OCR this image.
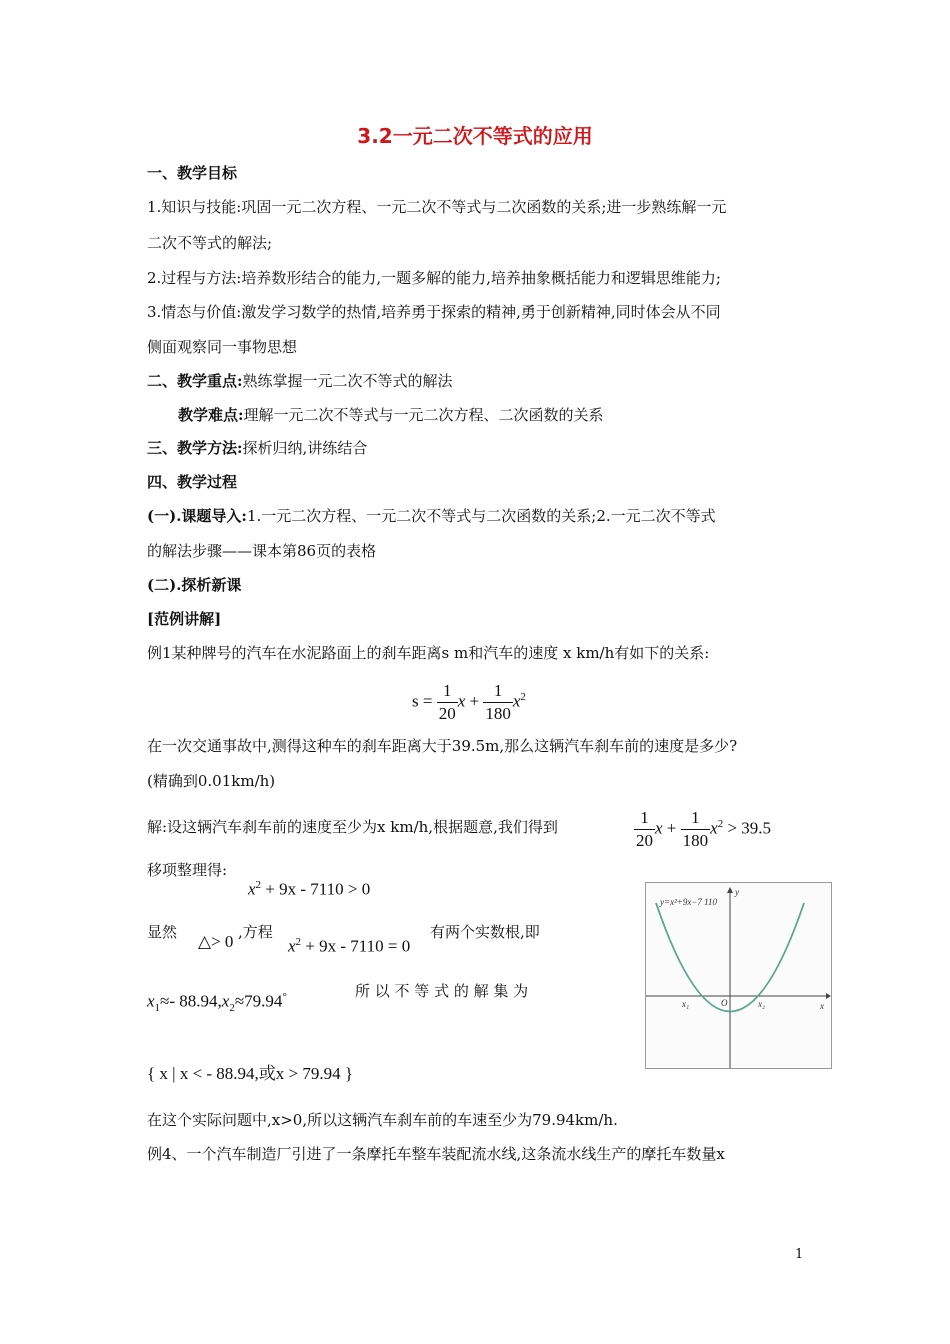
3.2一元二次不等式的应用
一、教学目标
1.知识与技能:巩固一元二次方程、一元二次不等式与二次函数的关系;进一步熟练解一元
二次不等式的解法;
2.过程与方法:培养数形结合的能力,一题多解的能力,培养抽象概括能力和逻辑思维能力;
3.情态与价值:激发学习数学的热情,培养勇于探索的精神,勇于创新精神,同时体会从不同
侧面观察同一事物思想
二、教学重点:熟练掌握一元二次不等式的解法
教学难点:理解一元二次不等式与一元二次方程、二次函数的关系
三、教学方法:探析归纳,讲练结合
四、教学过程
(一).课题导入:1.一元二次方程、一元二次不等式与二次函数的关系;2.一元二次不等式
的解法步骤——课本第86页的表格
(二).探析新课
[范例讲解]
例1某种牌号的汽车在水泥路面上的刹车距离s m和汽车的速度 x km/h有如下的关系:
$s = \frac{1}{20}$ $x + \frac{1}{180} x^2$
在一次交通事故中,测得这种车的刹车距离大于39.5m,那么这辆汽车刹车前的速度是多少?
(精确到0.01km/h)
解:设这辆汽车刹车前的速度至少为x km/h,根据题意,我们得到	$\frac{1}{20}$ $x + \frac{1}{180} x^2 > 39.5$
移项整理得:
$x^2 + 9x - 7110 > 0$
显然 △> 0 ,方程
$x^2 + 9x - 7110 = 0$
有两个实数根,即
$x_1\approx-$ $88.94,x_2\approx 79.94^\circ$	所 以 不 等 式 的 解 集 为
{ x | x < - 88.94,或x > 79.94 }
在这个实际问题中,x>0,所以这辆汽车刹车前的车速至少为79.94km/h.
例4、一个汽车制造厂引进了一条摩托车整车装配流水线,这条流水线生产的摩托车数量x
y=x²+9x−7 110
y
x
O
x₁	x₂
1
